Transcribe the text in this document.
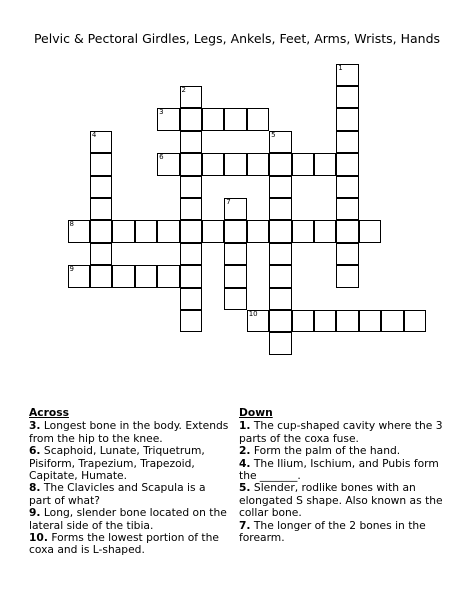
Pelvic & Pectoral Girdles, Legs, Ankels, Feet, Arms, Wrists, Hands
1
2
4	5
7
3
6
8
9
10
Across

3. Longest bone in the body. Extends from the hip to the knee.

6. Scaphoid, Lunate, Triquetrum, Pisiform, Trapezium, Trapezoid, Capitate, Humate.

8. The Clavicles and Scapula is a part of what?

9. Long, slender bone located on the lateral side of the tibia.

10. Forms the lowest portion of the coxa and is L-shaped.

Down

1. The cup-shaped cavity where the 3 parts of the coxa fuse.

2. Form the palm of the hand.

4. The Ilium, Ischium, and Pubis form the _______.

5. Slender, rodlike bones with an elongated S shape. Also known as the collar bone.

7. The longer of the 2 bones in the forearm.
